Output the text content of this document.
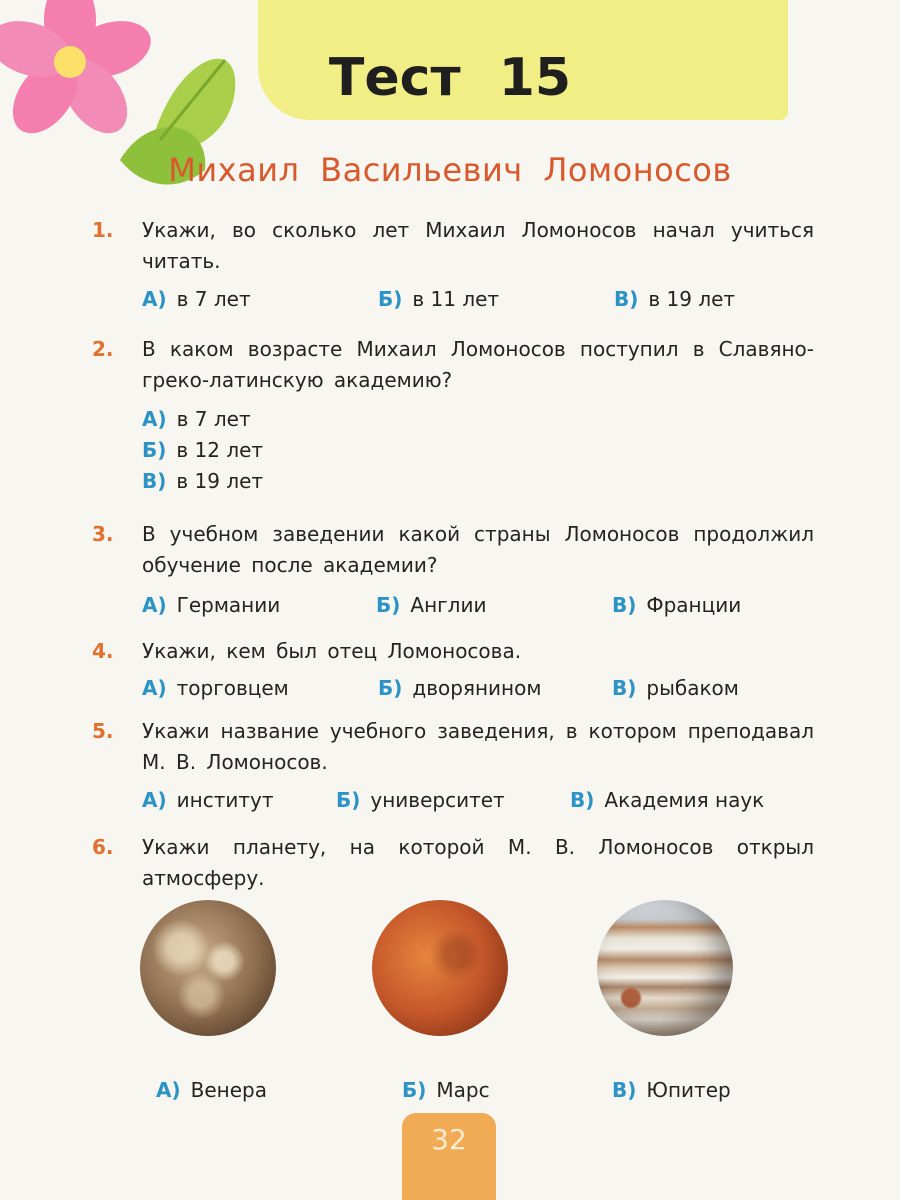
Тест 15
Михаил Васильевич Ломоносов
1. Укажи, во сколько лет Михаил Ломоносов начал учиться читать.
А) в 7 лет	Б) в 11 лет	В) в 19 лет
2. В каком возрасте Михаил Ломоносов поступил в Славяно-греко-латинскую академию?
А) в 7 лет
Б) в 12 лет
В) в 19 лет
3. В учебном заведении какой страны Ломоносов продолжил обучение после академии?
А) Германии	Б) Англии	В) Франции
4. Укажи, кем был отец Ломоносова.
А) торговцем	Б) дворянином	В) рыбаком
5. Укажи название учебного заведения, в котором преподавал М. В. Ломоносов.
А) институт	Б) университет	В) Академия наук
6. Укажи планету, на которой М. В. Ломоносов открыл атмосферу.
А) Венера	Б) Марс	В) Юпитер
32
